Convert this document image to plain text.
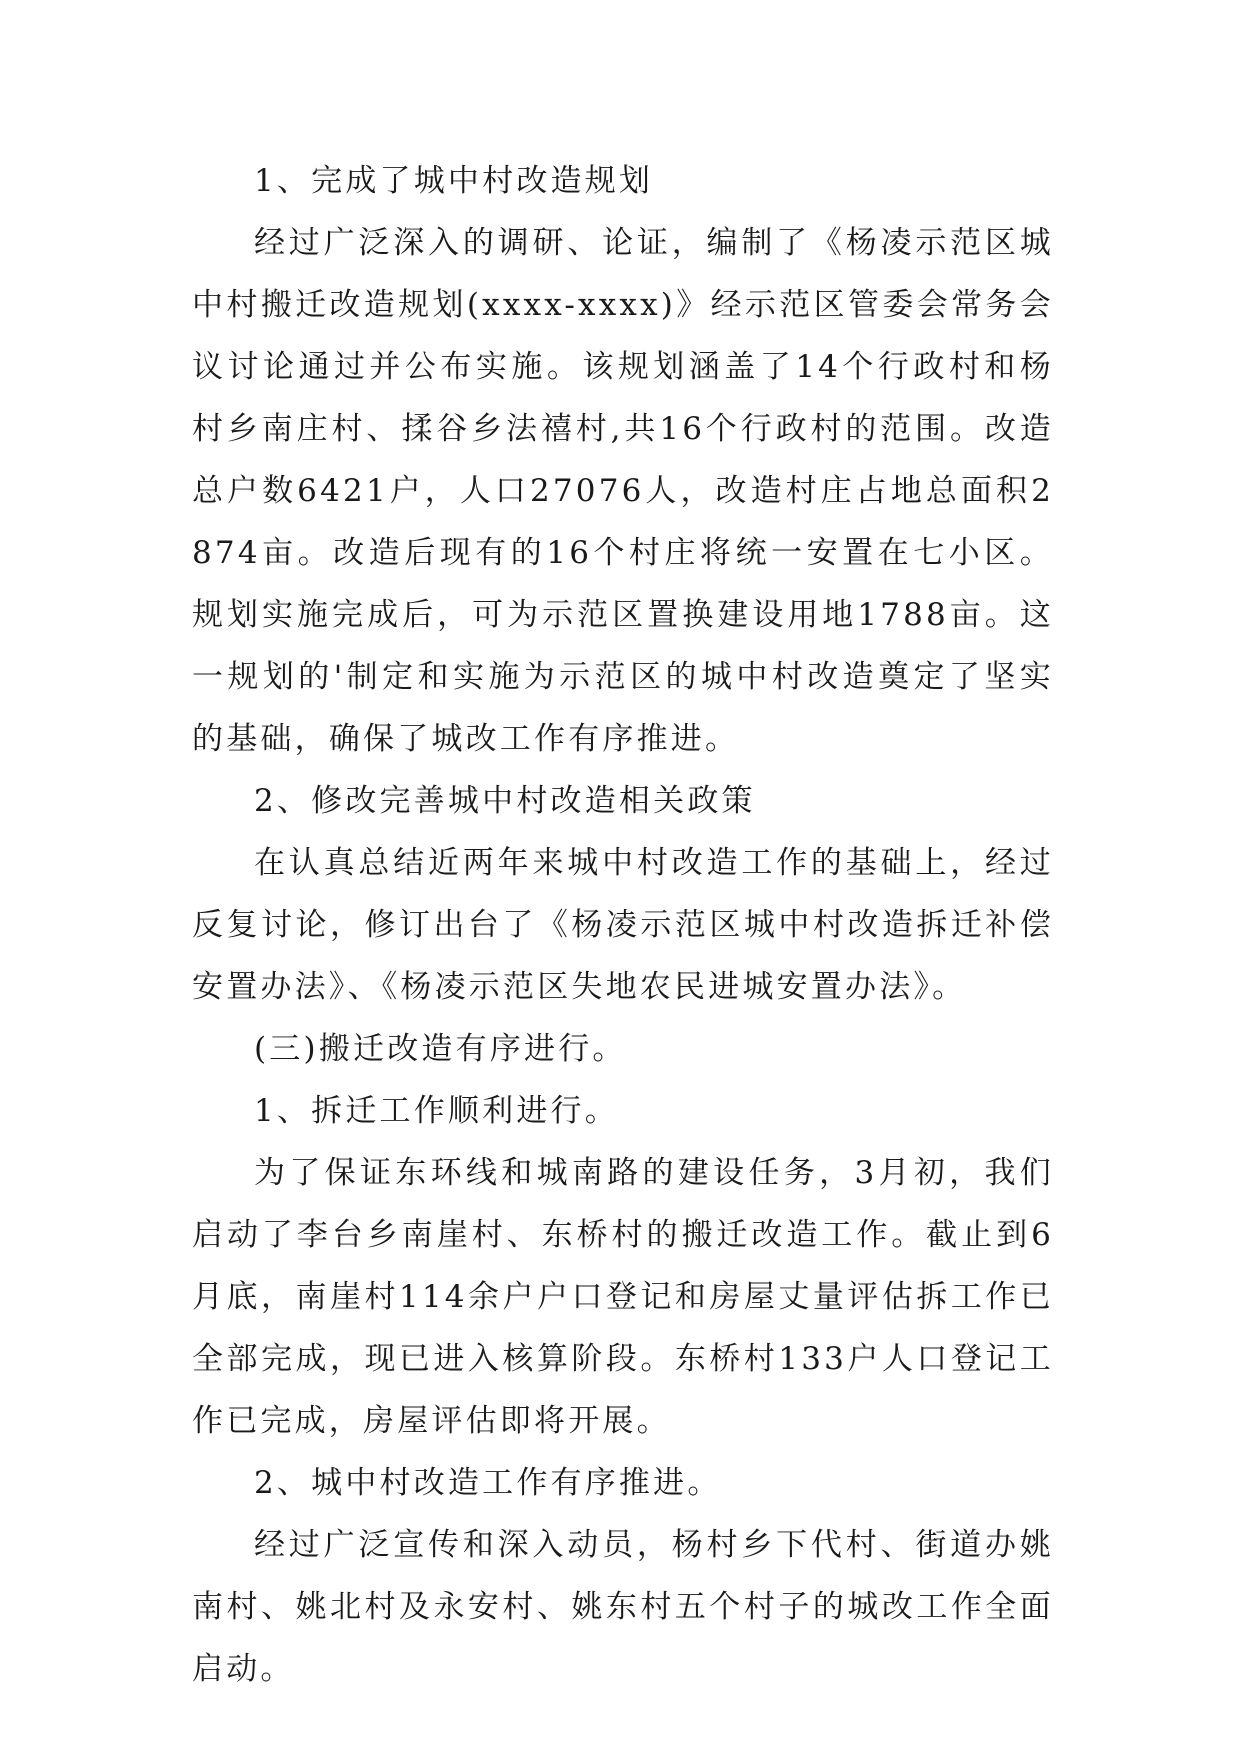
1、完成了城中村改造规划

经过广泛深入的调研、论证，编制了《杨凌示范区城中村搬迁改造规划(xxxx-xxxx)》经示范区管委会常务会议讨论通过并公布实施。该规划涵盖了14个行政村和杨村乡南庄村、揉谷乡法禧村,共16个行政村的范围。改造总户数6421户，人口27076人，改造村庄占地总面积2874亩。改造后现有的16个村庄将统一安置在七小区。规划实施完成后，可为示范区置换建设用地1788亩。这一规划的'制定和实施为示范区的城中村改造奠定了坚实的基础，确保了城改工作有序推进。

2、修改完善城中村改造相关政策

在认真总结近两年来城中村改造工作的基础上，经过反复讨论，修订出台了《杨凌示范区城中村改造拆迁补偿安置办法》、《杨凌示范区失地农民进城安置办法》。

(三)搬迁改造有序进行。

1、拆迁工作顺利进行。

为了保证东环线和城南路的建设任务，3月初，我们启动了李台乡南崖村、东桥村的搬迁改造工作。截止到6月底，南崖村114余户户口登记和房屋丈量评估拆工作已全部完成，现已进入核算阶段。东桥村133户人口登记工作已完成，房屋评估即将开展。

2、城中村改造工作有序推进。

经过广泛宣传和深入动员，杨村乡下代村、街道办姚南村、姚北村及永安村、姚东村五个村子的城改工作全面启动。
